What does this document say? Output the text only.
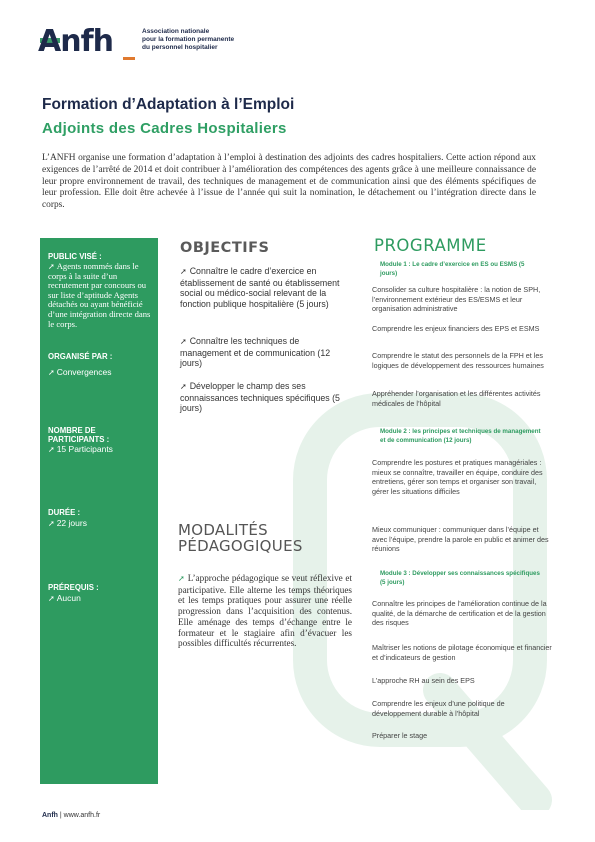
Anfh	Association nationale
pour la formation permanente
du personnel hospitalier
Formation d’Adaptation à l’Emploi
Adjoints des Cadres Hospitaliers
L’ANFH organise une formation d’adaptation à l’emploi à destination des adjoints des cadres hospitaliers. Cette action répond aux exigences de l’arrêté de 2014 et doit contribuer à l’amélioration des compétences des agents grâce à une meilleure connaissance de leur propre environnement de travail, des techniques de management et de communication ainsi que des éléments spécifiques de leur profession. Elle doit être achevée à l’issue de l’année qui suit la nomination, le détachement ou l’intégration directe dans le corps.
PUBLIC VISÉ :
➚ Agents nommés dans le corps à la suite d’un recrutement par concours ou sur liste d’aptitude Agents détachés ou ayant bénéficié d’une intégration directe dans le corps.
ORGANISÉ PAR :
➚ Convergences
NOMBRE DE
PARTICIPANTS :
➚ 15 Participants
DURÉE :
➚ 22 jours
PRÉREQUIS :
➚ Aucun
OBJECTIFS
➚ Connaître le cadre d’exercice en établissement de santé ou établissement social ou médico-social relevant de la fonction publique hospitalière (5 jours)
➚ Connaître les techniques de management et de communication (12 jours)
➚ Développer le champ des ses connaissances techniques spécifiques (5 jours)
MODALITÉS
PÉDAGOGIQUES
➚ L’approche pédagogique se veut réflexive et participative. Elle alterne les temps théoriques et les temps pratiques pour assurer une réelle progression dans l’acquisition des contenus. Elle aménage des temps d’échange entre le formateur et le stagiaire afin d’évacuer les possibles difficultés récurrentes.
PROGRAMME
Module 1 : Le cadre d’exercice en ES ou ESMS (5 jours)
Consolider sa culture hospitalière : la notion de SPH, l’environnement extérieur des ES/ESMS et leur organisation administrative
Comprendre les enjeux financiers des EPS et ESMS
Comprendre le statut des personnels de la FPH et les logiques de développement des ressources humaines
Appréhender l’organisation et les différentes activités médicales de l’hôpital
Module 2 : les principes et techniques de management et de communication (12 jours)
Comprendre les postures et pratiques managériales : mieux se connaître, travailler en équipe, conduire des entretiens, gérer son temps et organiser son travail, gérer les situations difficiles
Mieux communiquer : communiquer dans l’équipe et avec l’équipe, prendre la parole en public et animer des réunions
Module 3 : Développer ses connaissances spécifiques (5 jours)
Connaître les principes de l’amélioration continue de la qualité, de la démarche de certification et de la gestion des risques
Maîtriser les notions de pilotage économique et financier et d’indicateurs de gestion
L’approche RH au sein des EPS
Comprendre les enjeux d’une politique de développement durable à l’hôpital
Préparer le stage
Anfh | www.anfh.fr
